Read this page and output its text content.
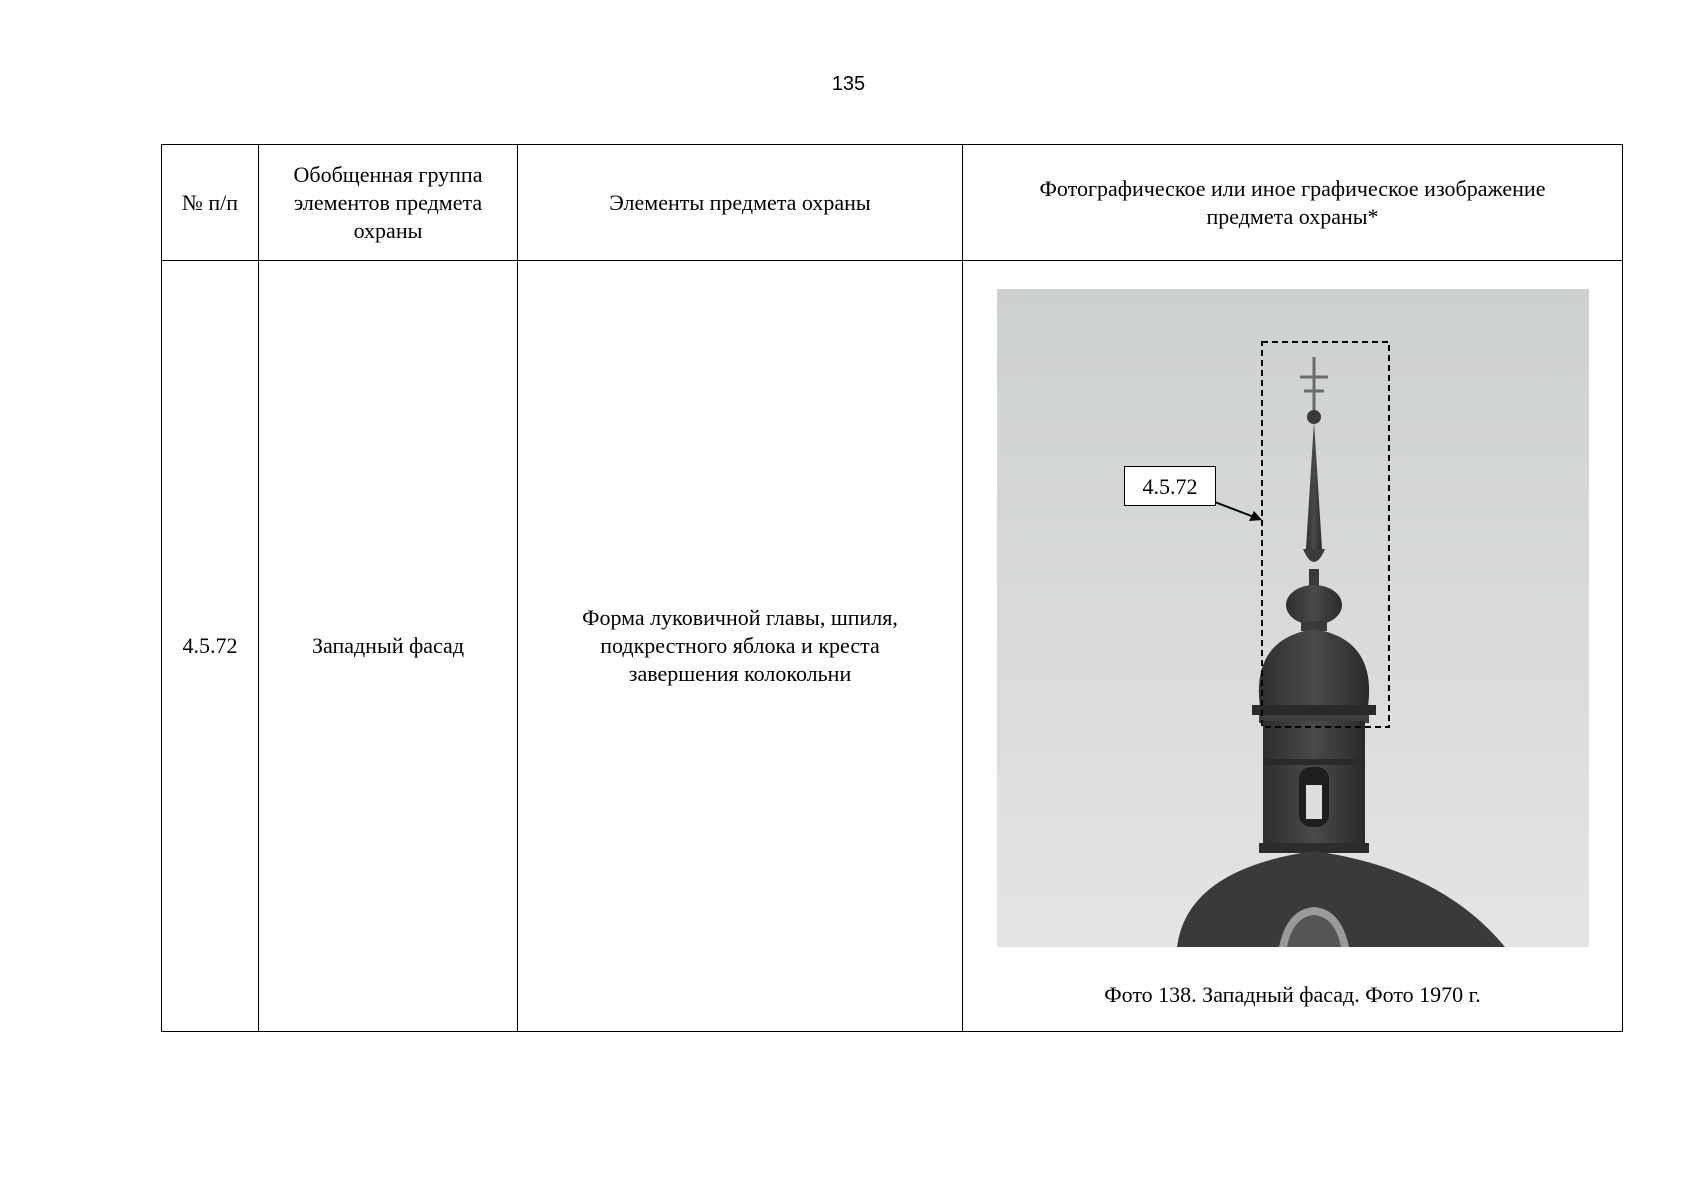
135
№ п/п	Обобщенная группа элементов предмета охраны	Элементы предмета охраны	Фотографическое или иное графическое изображение предмета охраны*
4.5.72	Западный фасад	Форма луковичной главы, шпиля, подкрестного яблока и креста завершения колокольни	4.5.72
Фото 138. Западный фасад. Фото 1970 г.
